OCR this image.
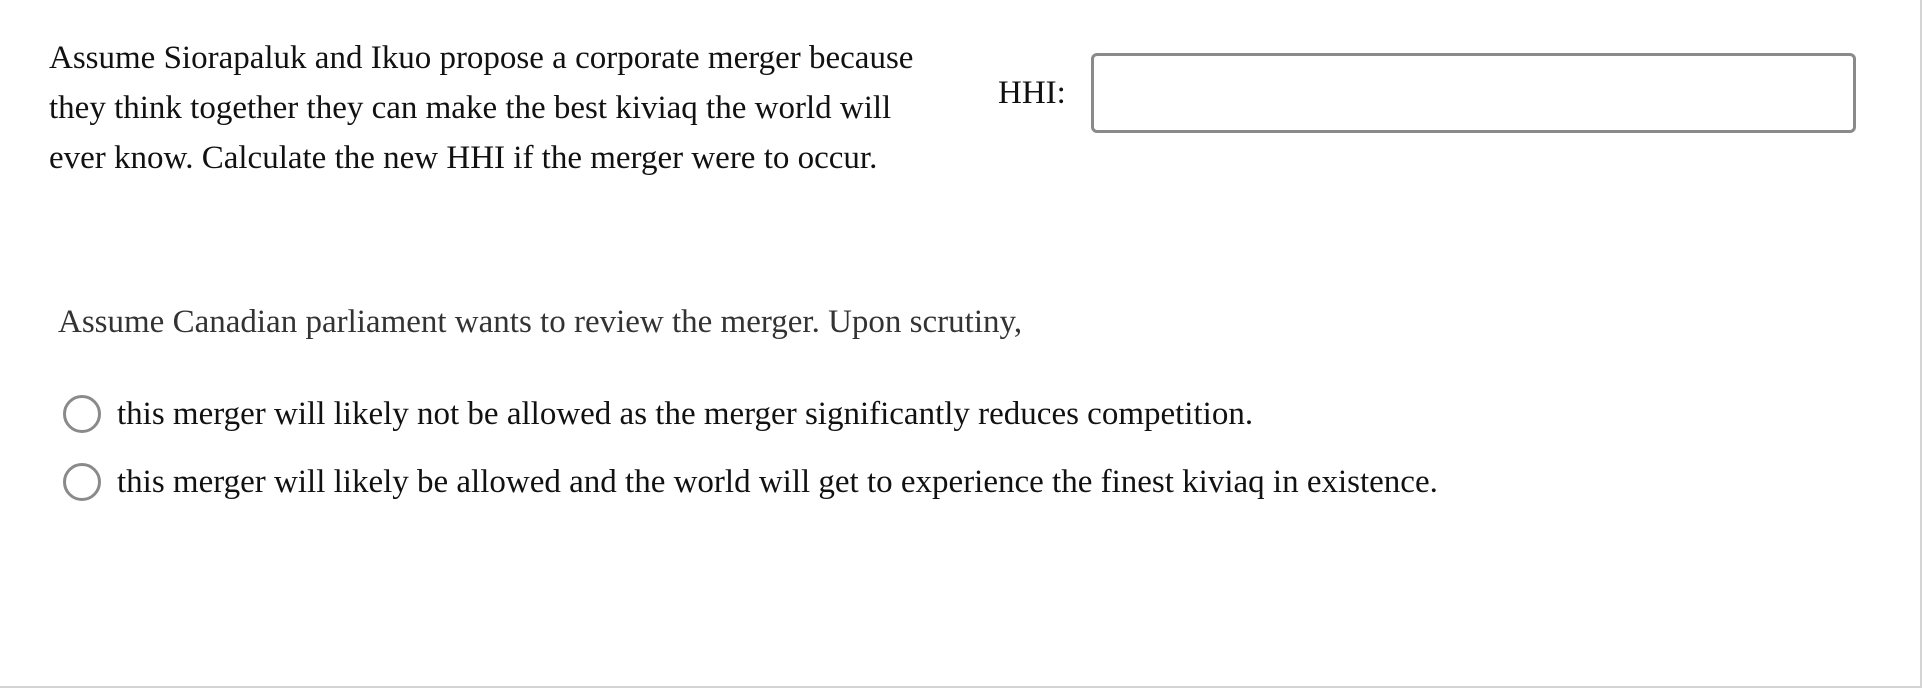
Assume Siorapaluk and Ikuo propose a corporate merger because they think together they can make the best kiviaq the world will ever know. Calculate the new HHI if the merger were to occur.
HHI:
Assume Canadian parliament wants to review the merger. Upon scrutiny,
this merger will likely not be allowed as the merger significantly reduces competition.
this merger will likely be allowed and the world will get to experience the finest kiviaq in existence.
